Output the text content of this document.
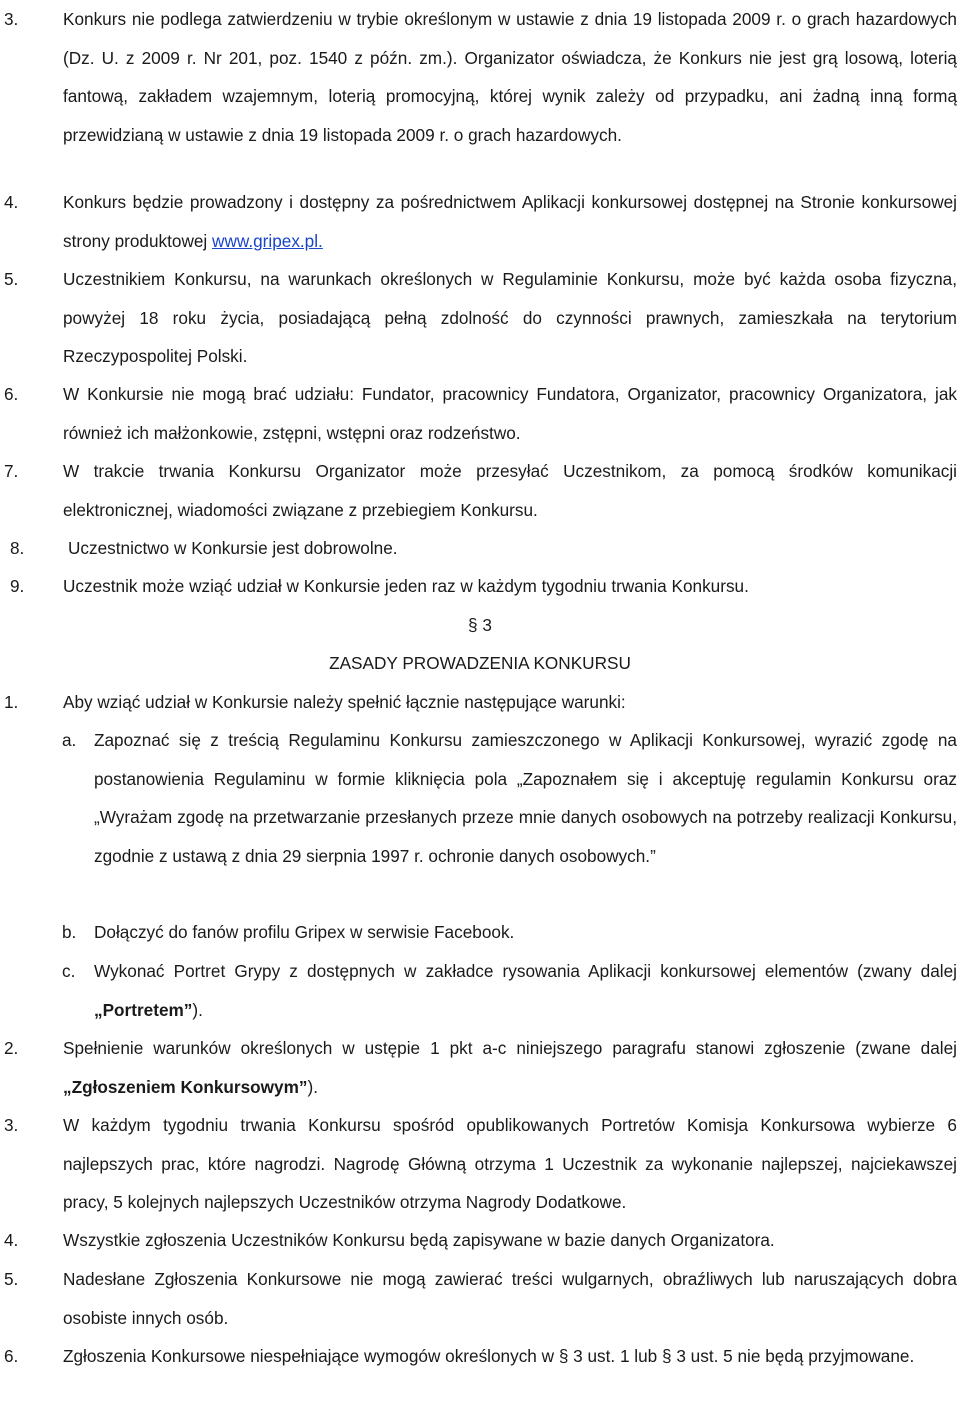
3.	Konkurs nie podlega zatwierdzeniu w trybie określonym w ustawie z dnia 19 listopada 2009 r. o grach hazardowych (Dz. U. z 2009 r. Nr 201, poz. 1540 z późn. zm.). Organizator oświadcza, że Konkurs nie jest grą losową, loterią fantową, zakładem wzajemnym, loterią promocyjną, której wynik zależy od przypadku, ani żadną inną formą przewidzianą w ustawie z dnia 19 listopada 2009 r. o grach hazardowych.

4.	Konkurs będzie prowadzony i dostępny za pośrednictwem Aplikacji konkursowej dostępnej na Stronie konkursowej strony produktowej www.gripex.pl.

5.	Uczestnikiem Konkursu, na warunkach określonych w Regulaminie Konkursu, może być każda osoba fizyczna, powyżej 18 roku życia, posiadającą pełną zdolność do czynności prawnych, zamieszkała na terytorium Rzeczypospolitej Polski.

6.	W Konkursie nie mogą brać udziału: Fundator, pracownicy Fundatora, Organizator, pracownicy Organizatora, jak również ich małżonkowie, zstępni, wstępni oraz rodzeństwo.

7.	W trakcie trwania Konkursu Organizator może przesyłać Uczestnikom, za pomocą środków komunikacji elektronicznej, wiadomości związane z przebiegiem Konkursu.

8.	Uczestnictwo w Konkursie jest dobrowolne.

9. Uczestnik może wziąć udział w Konkursie jeden raz w każdym tygodniu trwania Konkursu.

§ 3
ZASADY PROWADZENIA KONKURSU

1.	Aby wziąć udział w Konkursie należy spełnić łącznie następujące warunki:

a. Zapoznać się z treścią Regulaminu Konkursu zamieszczonego w Aplikacji Konkursowej, wyrazić zgodę na postanowienia Regulaminu w formie kliknięcia pola „Zapoznałem się i akceptuję regulamin Konkursu oraz „Wyrażam zgodę na przetwarzanie przesłanych przeze mnie danych osobowych na potrzeby realizacji Konkursu, zgodnie z ustawą z dnia 29 sierpnia 1997 r. ochronie danych osobowych.”

b. Dołączyć do fanów profilu Gripex w serwisie Facebook.

c. Wykonać Portret Grypy z dostępnych w zakładce rysowania Aplikacji konkursowej elementów (zwany dalej „Portretem”).

2.	Spełnienie warunków określonych w ustępie 1 pkt a-c niniejszego paragrafu stanowi zgłoszenie (zwane dalej „Zgłoszeniem Konkursowym”).

3.	W każdym tygodniu trwania Konkursu spośród opublikowanych Portretów Komisja Konkursowa wybierze 6 najlepszych prac, które nagrodzi. Nagrodę Główną otrzyma 1 Uczestnik za wykonanie najlepszej, najciekawszej pracy, 5 kolejnych najlepszych Uczestników otrzyma Nagrody Dodatkowe.

4.	Wszystkie zgłoszenia Uczestników Konkursu będą zapisywane w bazie danych Organizatora.

5.	Nadesłane Zgłoszenia Konkursowe nie mogą zawierać treści wulgarnych, obraźliwych lub naruszających dobra osobiste innych osób.

6.	Zgłoszenia Konkursowe niespełniające wymogów określonych w § 3 ust. 1 lub § 3 ust. 5 nie będą przyjmowane.
